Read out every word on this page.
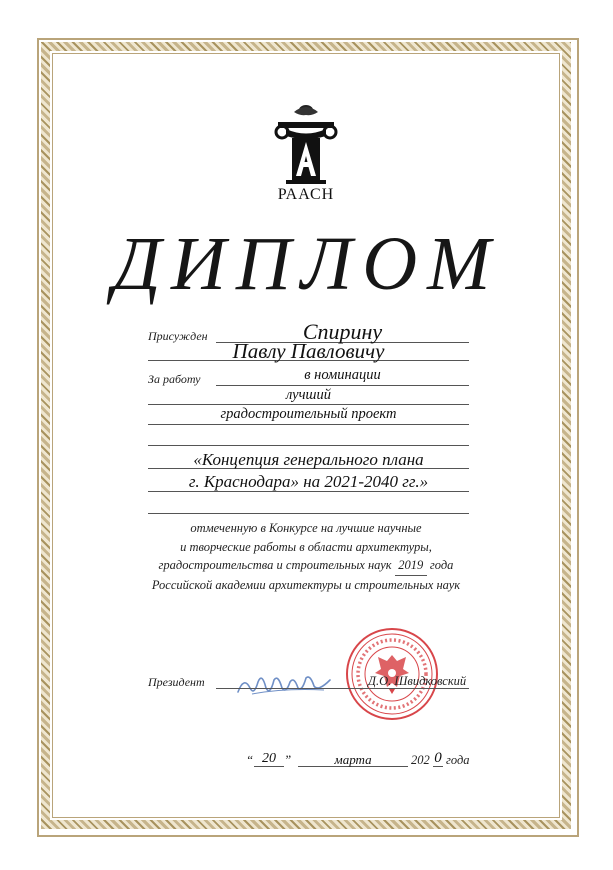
РААСН
ДИПЛОМ
Присужден	Спирину
Павлу Павловичу
За работу	в номинации
лучший
градостроительный проект
«Концепция генерального плана
г. Краснодара» на 2021-2040 гг.»

отмеченную в Конкурсе на лучшие научные

и творческие работы в области архитектуры,

градостроительства и строительных наук 2019 года

Российской академии архитектуры и строительных наук

Президент	Д.О. Швидковский
“ 20 ”	марта	202 0 года
